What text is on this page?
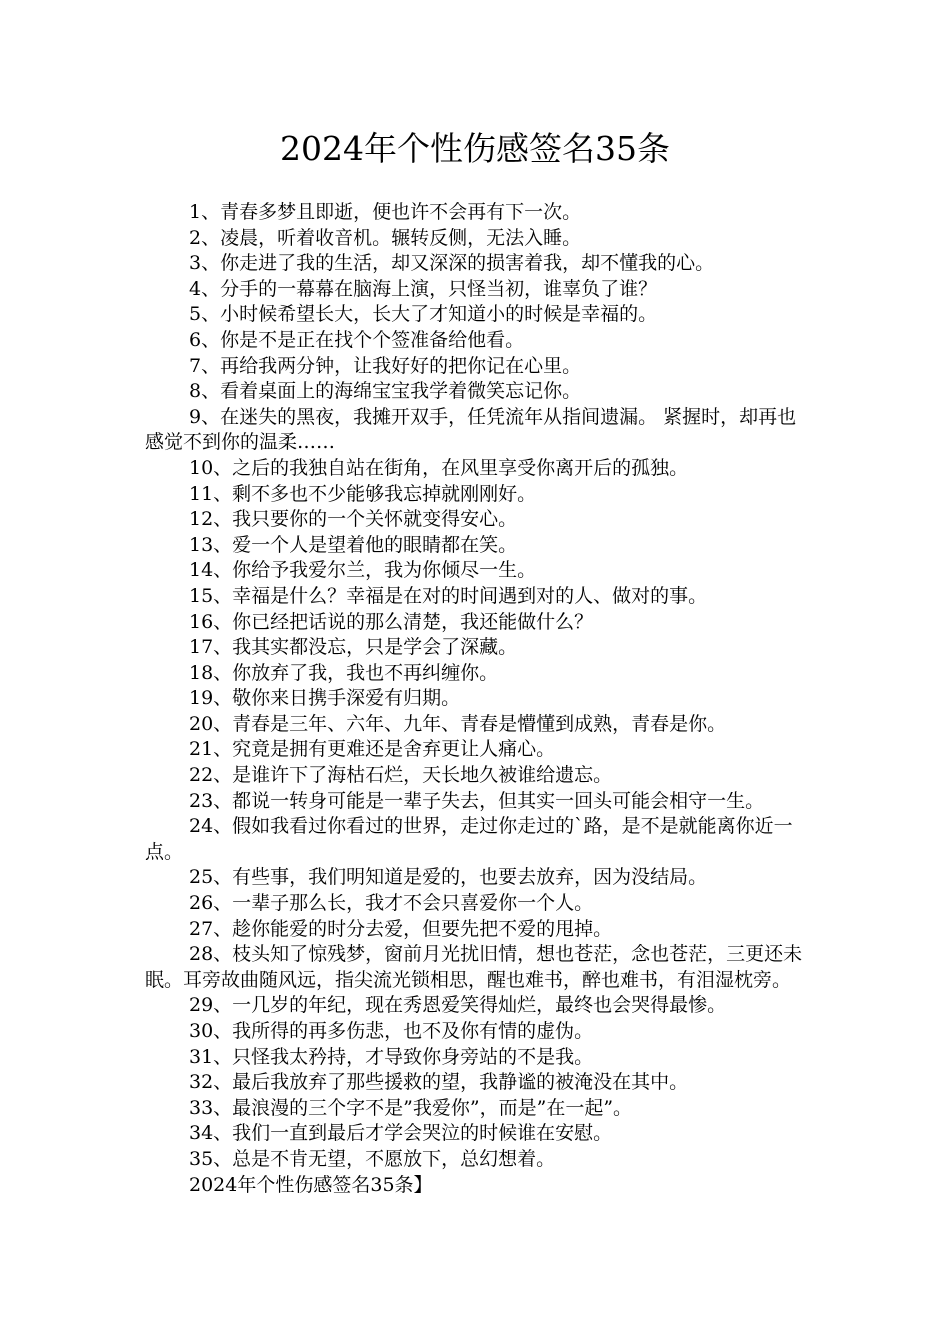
2024年个性伤感签名35条

1、青春多梦且即逝，便也许不会再有下一次。

2、凌晨，听着收音机。辗转反侧，无法入睡。

3、你走进了我的生活，却又深深的损害着我，却不懂我的心。

4、分手的一幕幕在脑海上演，只怪当初，谁辜负了谁？

5、小时候希望长大，长大了才知道小的时候是幸福的。

6、你是不是正在找个个签准备给他看。

7、再给我两分钟，让我好好的把你记在心里。

8、看着桌面上的海绵宝宝我学着微笑忘记你。

9、在迷失的黑夜，我摊开双手，任凭流年从指间遗漏。 紧握时，却再也感觉不到你的温柔……

10、之后的我独自站在街角，在风里享受你离开后的孤独。

11、剩不多也不少能够我忘掉就刚刚好。

12、我只要你的一个关怀就变得安心。

13、爱一个人是望着他的眼睛都在笑。

14、你给予我爱尔兰，我为你倾尽一生。

15、幸福是什么？幸福是在对的时间遇到对的人、做对的事。

16、你已经把话说的那么清楚，我还能做什么？

17、我其实都没忘，只是学会了深藏。

18、你放弃了我，我也不再纠缠你。

19、敬你来日携手深爱有归期。

20、青春是三年、六年、九年、青春是懵懂到成熟，青春是你。

21、究竟是拥有更难还是舍弃更让人痛心。

22、是谁许下了海枯石烂，天长地久被谁给遗忘。

23、都说一转身可能是一辈子失去，但其实一回头可能会相守一生。

24、假如我看过你看过的世界，走过你走过的`路，是不是就能离你近一点。

25、有些事，我们明知道是爱的，也要去放弃，因为没结局。

26、一辈子那么长，我才不会只喜爱你一个人。

27、趁你能爱的时分去爱，但要先把不爱的甩掉。

28、枝头知了惊残梦，窗前月光扰旧情，想也苍茫，念也苍茫，三更还未眠。耳旁故曲随风远，指尖流光锁相思，醒也难书，醉也难书，有泪湿枕旁。

29、一几岁的年纪，现在秀恩爱笑得灿烂，最终也会哭得最惨。

30、我所得的再多伤悲，也不及你有情的虚伪。

31、只怪我太矜持，才导致你身旁站的不是我。

32、最后我放弃了那些援救的望，我静谧的被淹没在其中。

33、最浪漫的三个字不是”我爱你”，而是”在一起”。

34、我们一直到最后才学会哭泣的时候谁在安慰。

35、总是不肯无望，不愿放下，总幻想着。

2024年个性伤感签名35条】
